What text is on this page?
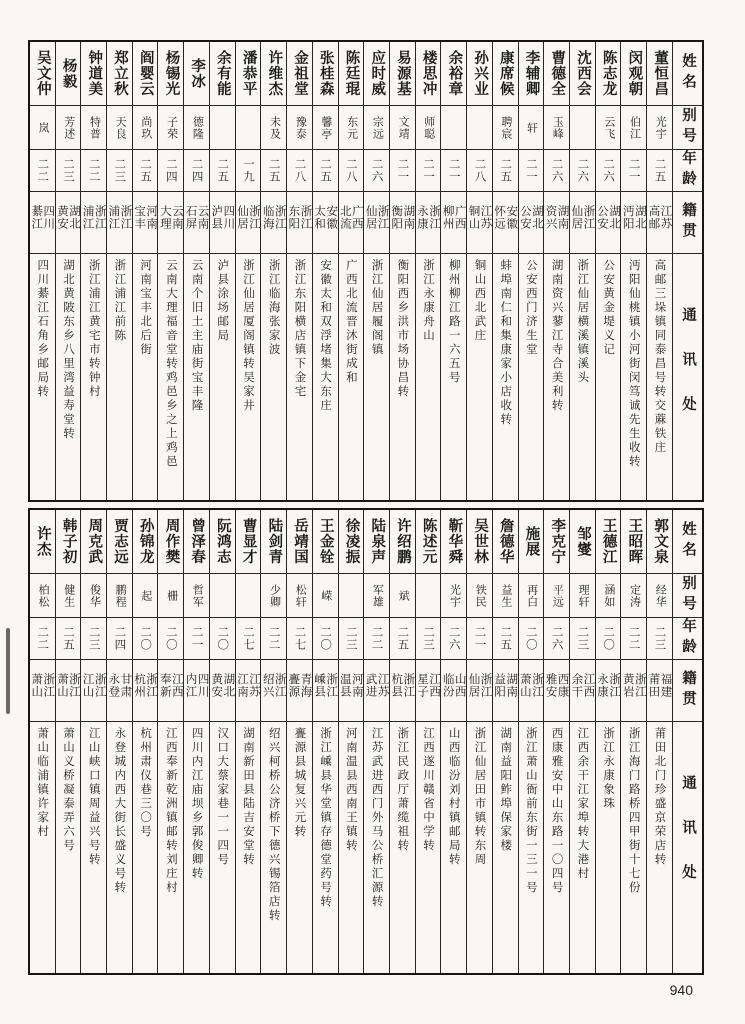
姓名
别号
年龄
籍贯
通讯处
董恒昌
光宇
二五
江苏高邮
高邮三垛镇同泰昌号转交蔴铁庄
闵观朝
伯江
二一
湖北沔阳
沔阳仙桃镇小河街闵笃诚先生收转
陈志龙
云飞
二六
湖北公安
公安黄金堤义记
沈西会
二六
浙江仙居
浙江仙居横溪镇溪头
曹德全
玉峰
二六
湖南资兴
湖南资兴蓼江寺合美利转
李辅卿
轩
二一
湖北公安
公安西门济生堂
康席候
聘宸
二五
安徽怀远
蚌埠南仁和集康家小店收转
孙兴业
二八
江苏铜山
铜山西北武庄
余裕章
二一
广西柳州
柳州柳江路一六五号
楼思冲
师聪
二一
浙江永康
浙江永康舟山
易源基
文靖
二一
湖南衡阳
衡阳西乡洪市场协昌转
应时威
宗远
二六
浙江仙居
浙江仙居履阁镇
陈廷琨
东元
二八
广西北流
广西北流晋沐街成和
张桂森
馨亭
二五
安徽太和
安徽太和双浮堵集大东庄
金祖堂
豫泰
二八
浙江东阳
浙江东阳横店镇下金宅
许维杰
未及
二五
浙江临海
浙江临海张家波
潘恭平
一九
浙江仙居
浙江仙居厦阁镇转吴家井
余有能
二五
四川泸县
泸县涂场邮局
李冰
德隆
二四
云南石屏
云南个旧土主庙街宝丰隆
杨锡光
子荣
二四
云南大理
云南大理福音堂转鸡邑乡之上鸡邑
阎婴云
尚玖
二五
河南宝丰
河南宝丰北后街
郑立秋
天良
二三
浙江浦江
浙江浦江前陈
钟道美
特普
二二
浙江浦江
浙江浦江黄宅市转钟村
杨毅
芳述
二三
湖北黄安
湖北黄陂东乡八里湾益寿堂转
吴文仲
岚
二二
四川綦江
四川綦江石角乡邮局转
姓名
别号
年龄
籍贯
通讯处
郭文泉
经华
二三
福建莆田
莆田北门珍盛京荣店转
王昭晖
定涛
二二
浙江黄岩
浙江海门路桥四甲街十七份
王德江
涵如
二〇
浙江永康
浙江永康象珠
邹燮
理轩
二三
江西余干
江西余干江家埠转大港村
李克宁
平远
二六
西康雅安
西康雅安中山东路一〇四号
施展
再白
二〇
浙江萧山
浙江萧山衙前东街一三一号
詹德华
益生
二五
湖南益阳
湖南益阳鲊埠保家楼
吴世林
铁民
二一
浙江仙居
浙江仙居田市镇转东周
靳华舜
光宇
二六
山西临汾
山西临汾刘村镇邮局转
陈述元
二三
江西星子
江西遂川赣省中学转
许绍鹏
斌
二五
浙江杭县
浙江民政厅萧缆祖转
陆泉声
军雄
二二
江苏武进
江苏武进西门外马公桥汇源转
徐凌振
二三
河南温县
河南温县西南王镇转
王金铨
嵘
二〇
浙江嵊县
浙江嵊县华堂镇存德堂药号转
岳靖国
松轩
二七
青海亹源
亹源县城复兴元转
陆剑青
少卿
二二
浙江绍兴
绍兴柯桥公济桥下德兴锡箔店转
曹显才
二七
江苏江南
湖南新田县陆吉安堂转
阮鸿志
二〇
湖北黄安
汉口大蔡家巷一一四号
曾泽春
哲军
二一
四川内江
四川内江庙坝乡郭俊卿转
周作樊
栅
二〇
江西奉新
江西奉新乾洲镇邮转刘庄村
孙锦龙
起
二〇
浙江杭州
杭州肃仪巷三〇号
贾志远
鹏程
二四
甘肃永登
永登城内西大街长盛义号转
周克武
俊华
二三
浙江江山
江山峡口镇周益兴号转
韩子初
健生
二五
浙江萧山
萧山义桥凝泰弄六号
许杰
柏松
二二
浙江萧山
萧山临浦镇许家村
940
